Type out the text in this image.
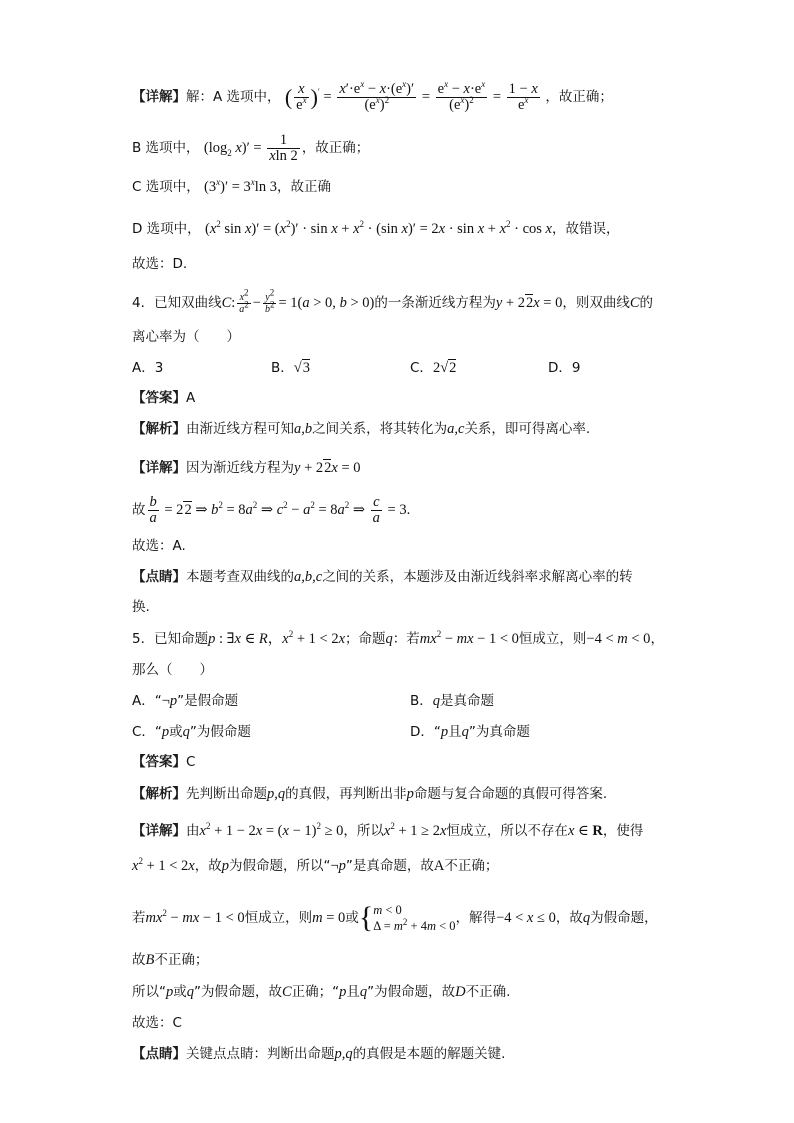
【详解】解：A 选项中， ( $\frac{x}{e^x} )' = \frac{x'\cdot e^x - x\cdot(e^x)'}{(e^x)^2} = \frac{e^x - x\cdot e^x}{(e^x)^2} = \frac{1 - x}{e^x}$ ，故正确；
B 选项中， ($\log_2$ $x)' = \frac{1}{xln 2}$ ，故正确；
C 选项中， $(3^x)' = 3^x\ln$ 3，故正确
D 选项中， ($x^2$ $\sin x)' = (x^2)' \cdot \sin x + x^2 \cdot (\sin$ $x)' = 2x \cdot \sin x + x^2 \cdot \cos x$，故错误，
故选：D.
4．已知双曲线C: $\frac{x^2}{a^2} - \frac{y^2}{b^2} = 1(a > 0$, b > 0)的一条渐近线方程为y + 22x = 0，则双曲线C的
离心率为（　　）
A．3	B．√3	C．2√2	D．9
【答案】A
【解析】由渐近线方程可知a,b之间关系，将其转化为a,c关系，即可得离心率.
【详解】因为渐近线方程为y + 22x = 0
故 $\frac{b}{a} = 22$ ⇒ $b^2 = 8a^2$ ⇒ $c^2 - a^2 = 8a^2$ ⇒ $\frac{c}{a} = 3$.
故选：A.
【点睛】本题考查双曲线的a,b,c之间的关系，本题涉及由渐近线斜率求解离心率的转
换.
5．已知命题p : ∃x ∈ R，$x^2 + 1 < 2x$；命题q：若$mx^2$ − mx − 1 < 0恒成立，则−4 < m < 0，
那么（　　）
A．“¬p”是假命题	B．q是真命题
C．“p或q”为假命题	D．“p且q”为真命题
【答案】C
【解析】先判断出命题p,q的真假，再判断出非p命题与复合命题的真假可得答案.
【详解】由$x^2 + 1 - 2x = (x - 1)^2 \ge 0$，所以$x^2 + 1 \ge 2x$恒成立，所以不存在x ∈ R，使得
$x^2 + 1 < 2x$，故p为假命题，所以“¬p”是真命题，故A不正确；
若$mx^2$ − mx − 1 < 0恒成立，则m = 0或{ m < 0
$\Delta = m^2 + 4m < 0$ ，解得−4 < x ≤ 0，故q为假命题，
故B不正确；
所以“p或q”为假命题，故C正确；“p且q”为假命题，故D不正确.
故选：C
【点睛】关键点点睛：判断出命题p,q的真假是本题的解题关键.
